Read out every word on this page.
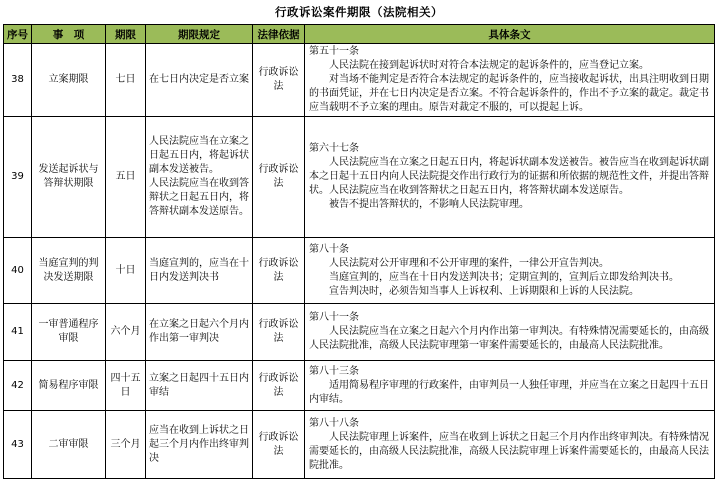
行政诉讼案件期限（法院相关）
序号	事　项	期限	期限规定	法律依据	具体条文
38	立案期限	七日	在七日内决定是否立案	行政诉讼法	第五十一条
人民法院在接到起诉状时对符合本法规定的起诉条件的，应当登记立案。
对当场不能判定是否符合本法规定的起诉条件的，应当接收起诉状，出具注明收到日期的书面凭证，并在七日内决定是否立案。不符合起诉条件的，作出不予立案的裁定。裁定书应当载明不予立案的理由。原告对裁定不服的，可以提起上诉。

39	发送起诉状与答辩状期限	五日	人民法院应当在立案之日起五日内，将起诉状副本发送被告。
人民法院应当在收到答辩状之日起五日内，将答辩状副本发送原告。	行政诉讼法	第六十七条
人民法院应当在立案之日起五日内，将起诉状副本发送被告。被告应当在收到起诉状副本之日起十五日内向人民法院提交作出行政行为的证据和所依据的规范性文件，并提出答辩状。人民法院应当在收到答辩状之日起五日内，将答辩状副本发送原告。
被告不提出答辩状的，不影响人民法院审理。

40	当庭宣判的判决发送期限	十日	当庭宣判的，应当在十日内发送判决书	行政诉讼法	第八十条
人民法院对公开审理和不公开审理的案件，一律公开宣告判决。
当庭宣判的，应当在十日内发送判决书；定期宣判的，宣判后立即发给判决书。
宣告判决时，必须告知当事人上诉权利、上诉期限和上诉的人民法院。

41	一审普通程序审限	六个月	在立案之日起六个月内作出第一审判决	行政诉讼法	第八十一条
人民法院应当在立案之日起六个月内作出第一审判决。有特殊情况需要延长的，由高级人民法院批准，高级人民法院审理第一审案件需要延长的，由最高人民法院批准。

42	简易程序审限	四十五日	立案之日起四十五日内审结	行政诉讼法	第八十三条
适用简易程序审理的行政案件，由审判员一人独任审理，并应当在立案之日起四十五日内审结。

43	二审审限	三个月	应当在收到上诉状之日起三个月内作出终审判决	行政诉讼法	第八十八条
人民法院审理上诉案件，应当在收到上诉状之日起三个月内作出终审判决。有特殊情况需要延长的，由高级人民法院批准，高级人民法院审理上诉案件需要延长的，由最高人民法院批准。
